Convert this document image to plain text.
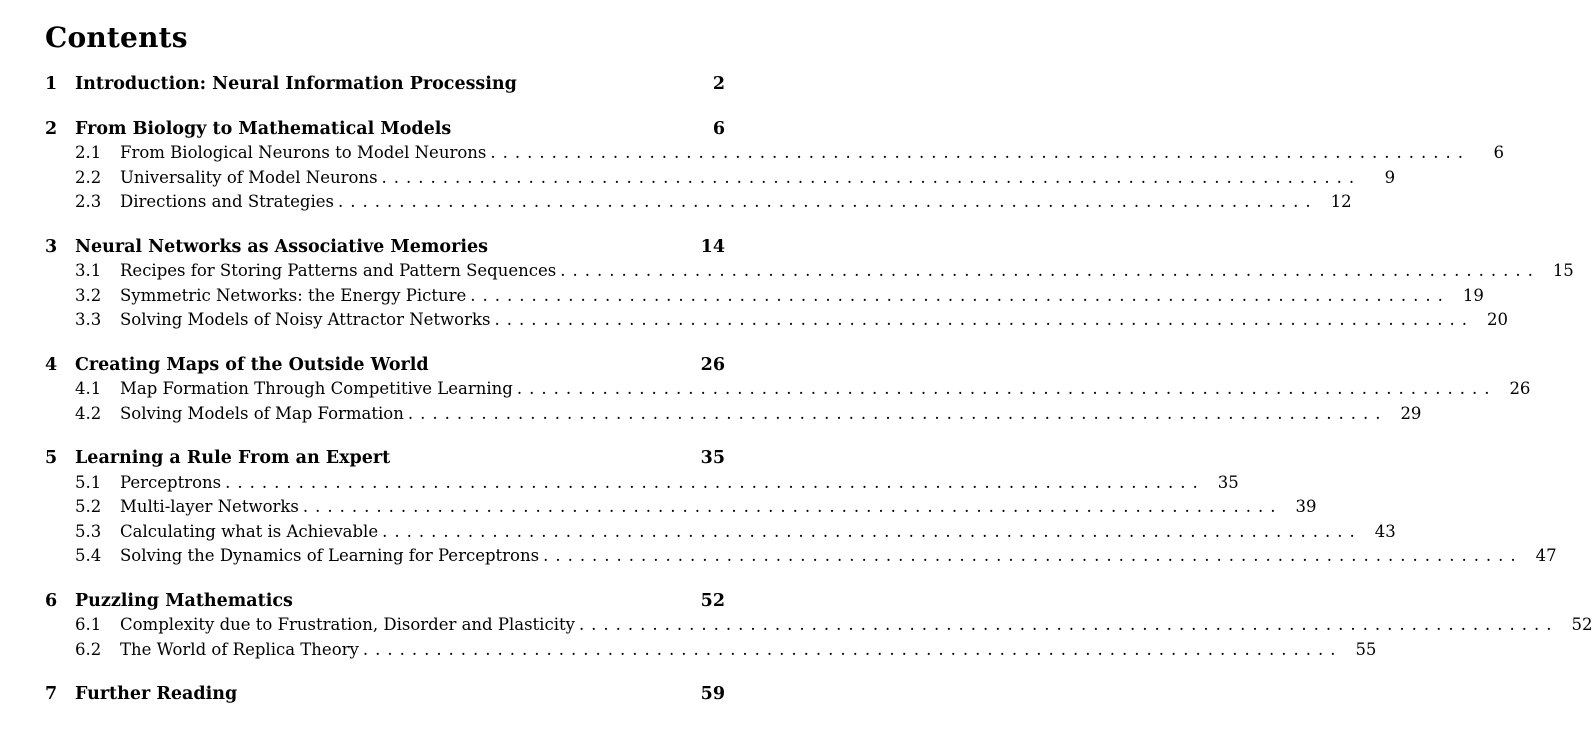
Contents
1	Introduction: Neural Information Processing	2
2	From Biology to Mathematical Models	6
2.1	From Biological Neurons to Model Neurons ................................................................................	6
2.2	Universality of Model Neurons ................................................................................	9
2.3	Directions and Strategies ................................................................................ 12
3	Neural Networks as Associative Memories	14
3.1	Recipes for Storing Patterns and Pattern Sequences ................................................................................ 15
3.2	Symmetric Networks: the Energy Picture ................................................................................ 19
3.3	Solving Models of Noisy Attractor Networks ................................................................................ 20
4	Creating Maps of the Outside World	26
4.1	Map Formation Through Competitive Learning ................................................................................ 26
4.2	Solving Models of Map Formation ................................................................................ 29
5	Learning a Rule From an Expert	35
5.1	Perceptrons ................................................................................ 35
5.2	Multi-layer Networks ................................................................................ 39
5.3	Calculating what is Achievable ................................................................................ 43
5.4	Solving the Dynamics of Learning for Perceptrons ................................................................................ 47
6	Puzzling Mathematics	52
6.1	Complexity due to Frustration, Disorder and Plasticity ................................................................................ 52
6.2	The World of Replica Theory ................................................................................ 55
7	Further Reading	59
